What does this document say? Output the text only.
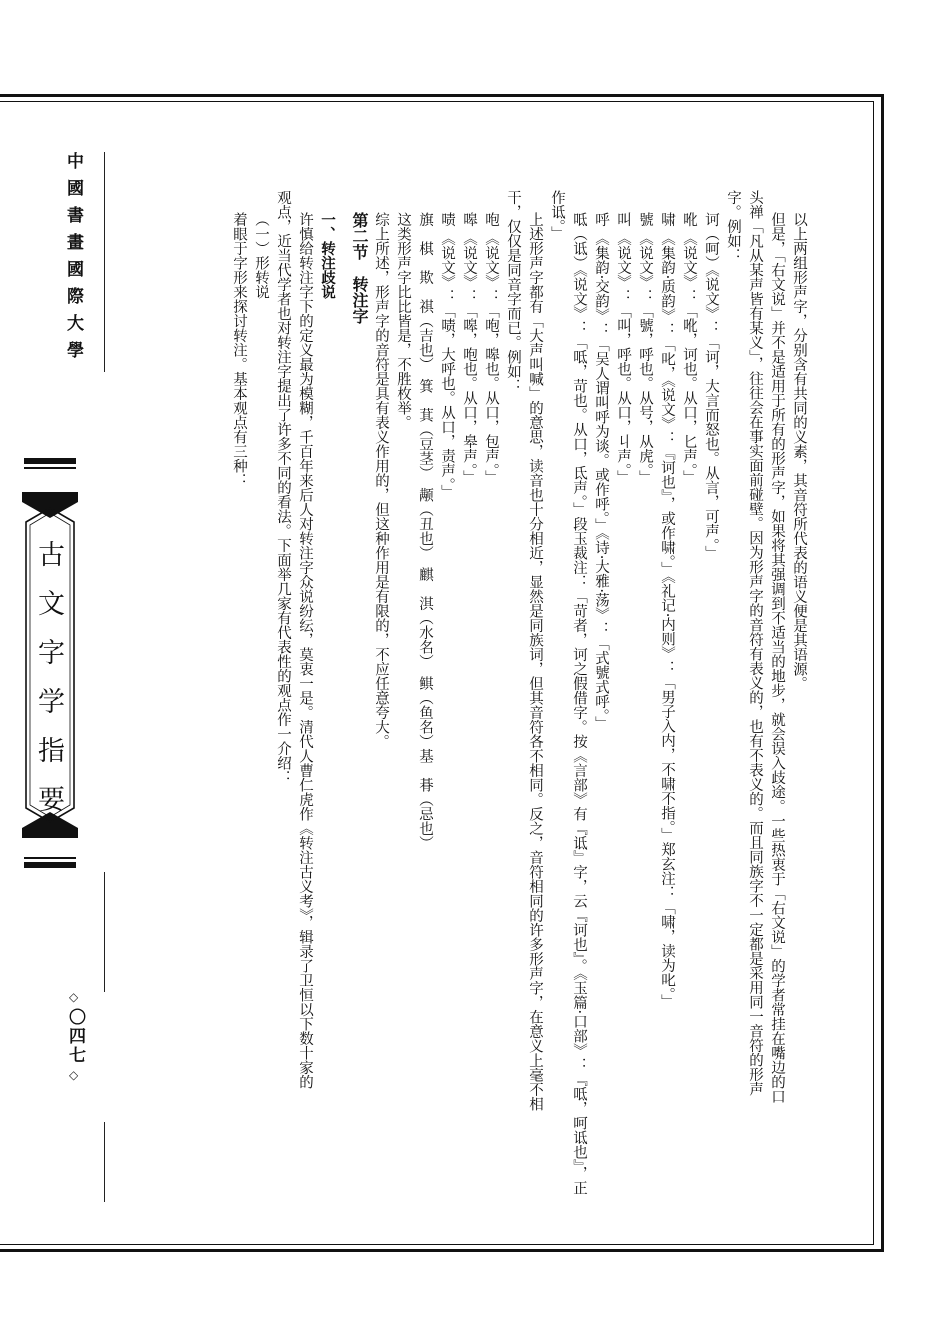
中國書畫國際大學
古文字学指要
◇
〇四七
◇
以上两组形声字，分别含有共同的义素，其音符所代表的语义便是其语源。
但是，「右文说」并不是适用于所有的形声字，如果将其强调到不适当的地步，就会误入歧途。一些热衷于「右文说」的学者常挂在嘴边的口
头禅「凡从某声皆有某义」，往往会在事实面前碰壁。因为形声字的音符有表义的，也有不表义的。而且同族字不一定都是采用同一音符的形声
字。例如：
诃（呵）《说文》：「诃，大言而怒也。从言，可声。」
吪 《说文》：「吪，诃也。从口，匕声。」
啸 《集韵·质韵》：「叱，《说文》：『诃也』，或作啸。」《礼记·内则》：「男子入内，不啸不指。」郑玄注：「啸，读为叱。」
號 《说文》：「號，呼也。从号，从虎。」
叫 《说文》：「叫，呼也。从口，丩声。」
呼 《集韵·交韵》：「吴人谓叫呼为谈。或作呼。」《诗·大雅·荡》：「式號式呼。」
呧（诋）《说文》：「呧，苛也。从口，氐声。」段玉裁注：「苛者，诃之假借字。按《言部》有『诋』字，云『诃也』。《玉篇·口部》：『呧，呵诋也』，正
作诋。」
上述形声字都有「大声叫喊」的意思，读音也十分相近，显然是同族词，但其音符各不相同。反之，音符相同的许多形声字，在意义上毫不相
干，仅仅是同音字而已。例如：
咆 《说文》：「咆，嗥也。从口，包声。」
嗥 《说文》：「嗥，咆也。从口，皋声。」
啧 《说文》：「啧，大呼也。从口，责声。」
旗　棋　欺　祺（吉也）　箕　萁（豆茎）　颟（丑也）　麒　淇（水名）　鲯（鱼名）基　朞（忌也）
这类形声字比比皆是，不胜枚举。
综上所述，形声字的音符是具有表义作用的，但这种作用是有限的，不应任意夸大。
第二节　转注字
一、转注歧说
许慎给转注字下的定义最为模糊，千百年来后人对转注字众说纷纭，莫衷一是。清代人曹仁虎作《转注古义考》，辑录了卫恒以下数十家的
观点，近当代学者也对转注字提出了许多不同的看法。下面举几家有代表性的观点作一介绍：
（一）形转说
着眼于字形来探讨转注。基本观点有三种：
